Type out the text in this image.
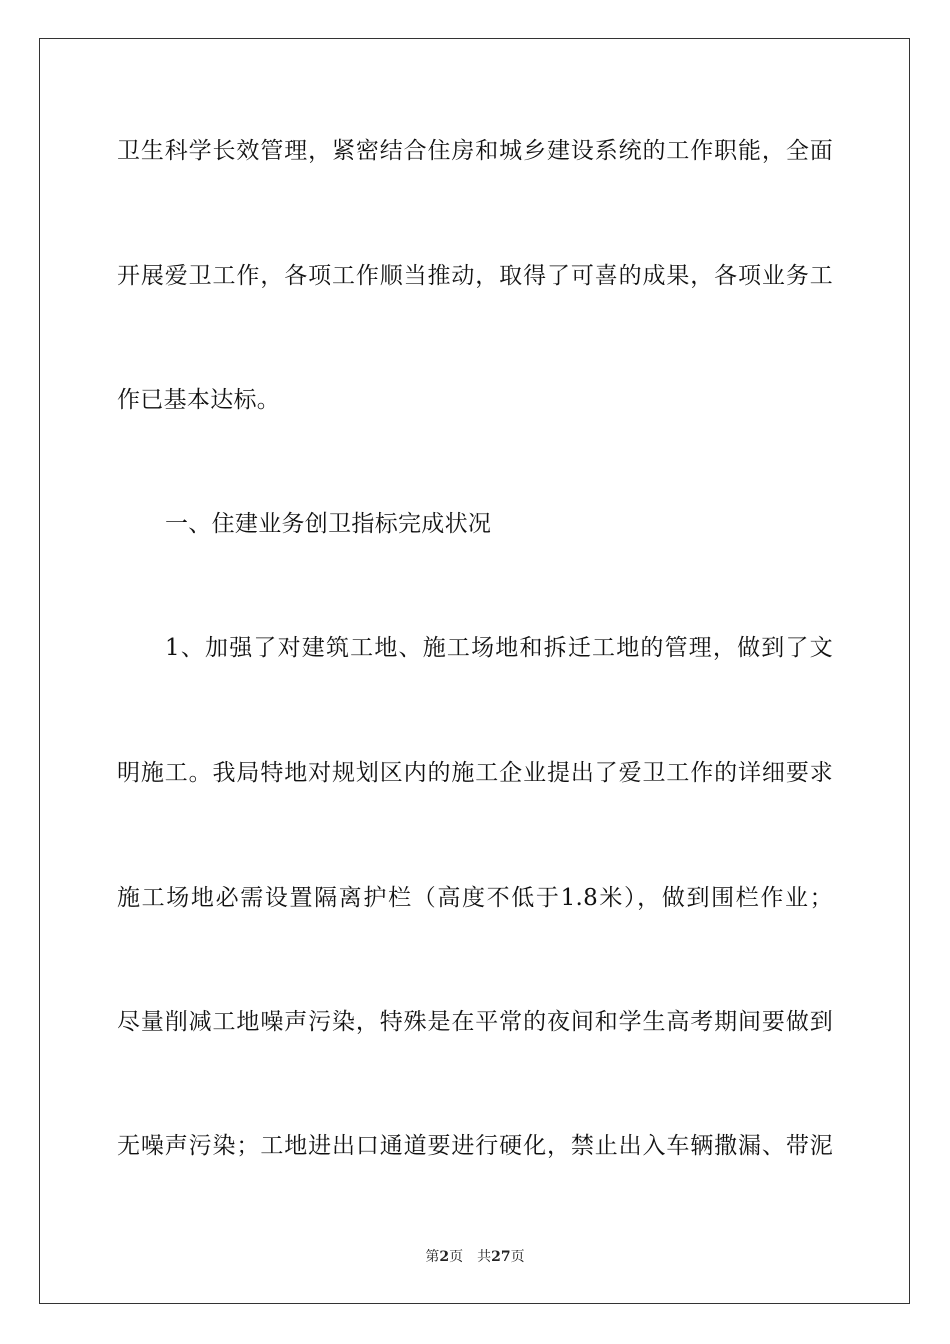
卫生科学长效管理，紧密结合住房和城乡建设系统的工作职能，全面
开展爱卫工作，各项工作顺当推动，取得了可喜的成果，各项业务工
作已基本达标。
一、住建业务创卫指标完成状况
1、加强了对建筑工地、施工场地和拆迁工地的管理，做到了文
明施工。我局特地对规划区内的施工企业提出了爱卫工作的详细要求
施工场地必需设置隔离护栏（高度不低于1.8米），做到围栏作业；
尽量削减工地噪声污染，特殊是在平常的夜间和学生高考期间要做到
无噪声污染；工地进出口通道要进行硬化，禁止出入车辆撒漏、带泥
第2页 共27页
